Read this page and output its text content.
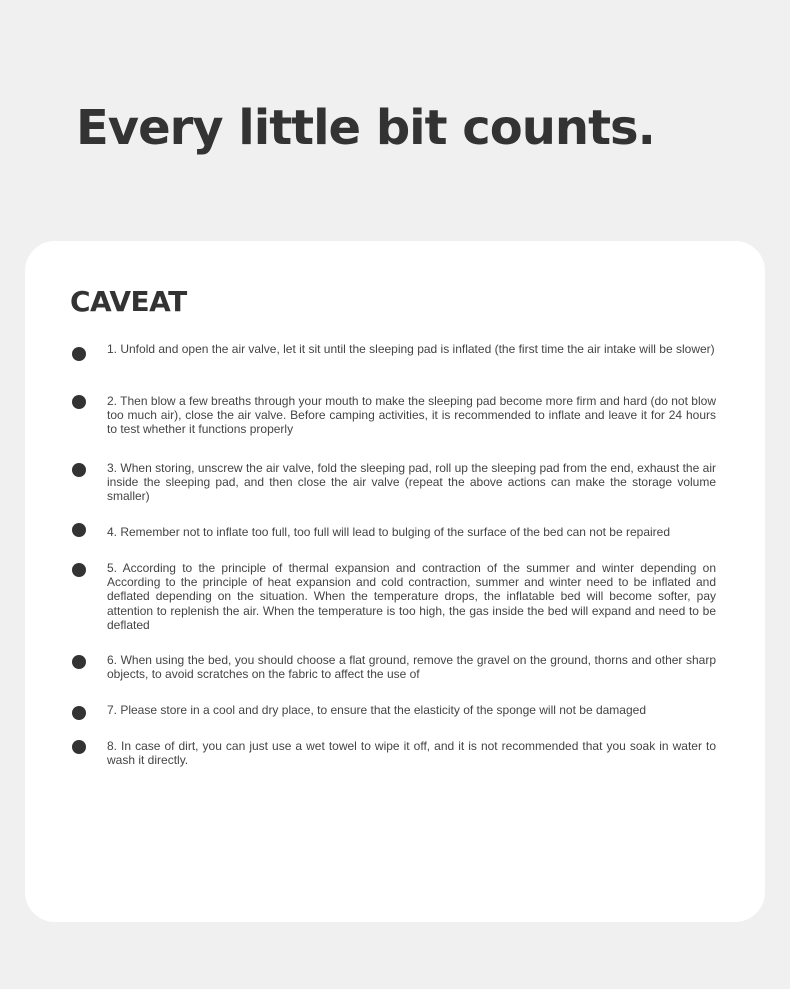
Every little bit counts.
CAVEAT

1. Unfold and open the air valve, let it sit until the sleeping pad is inflated (the first time the air intake will be slower)

2. Then blow a few breaths through your mouth to make the sleeping pad become more firm and hard (do not blow too much air), close the air valve. Before camping activities, it is recommended to inflate and leave it for 24 hours to test whether it functions properly

3. When storing, unscrew the air valve, fold the sleeping pad, roll up the sleeping pad from the end, exhaust the air inside the sleeping pad, and then close the air valve (repeat the above actions can make the storage volume smaller)

4. Remember not to inflate too full, too full will lead to bulging of the surface of the bed can not be repaired

5. According to the principle of thermal expansion and contraction of the summer and winter depending on According to the principle of heat expansion and cold contraction, summer and winter need to be inflated and deflated depending on the situation. When the temperature drops, the inflatable bed will become softer, pay attention to replenish the air. When the temperature is too high, the gas inside the bed will expand and need to be deflated

6. When using the bed, you should choose a flat ground, remove the gravel on the ground, thorns and other sharp objects, to avoid scratches on the fabric to affect the use of

7. Please store in a cool and dry place, to ensure that the elasticity of the sponge will not be damaged

8. In case of dirt, you can just use a wet towel to wipe it off, and it is not recommended that you soak in water to wash it directly.
